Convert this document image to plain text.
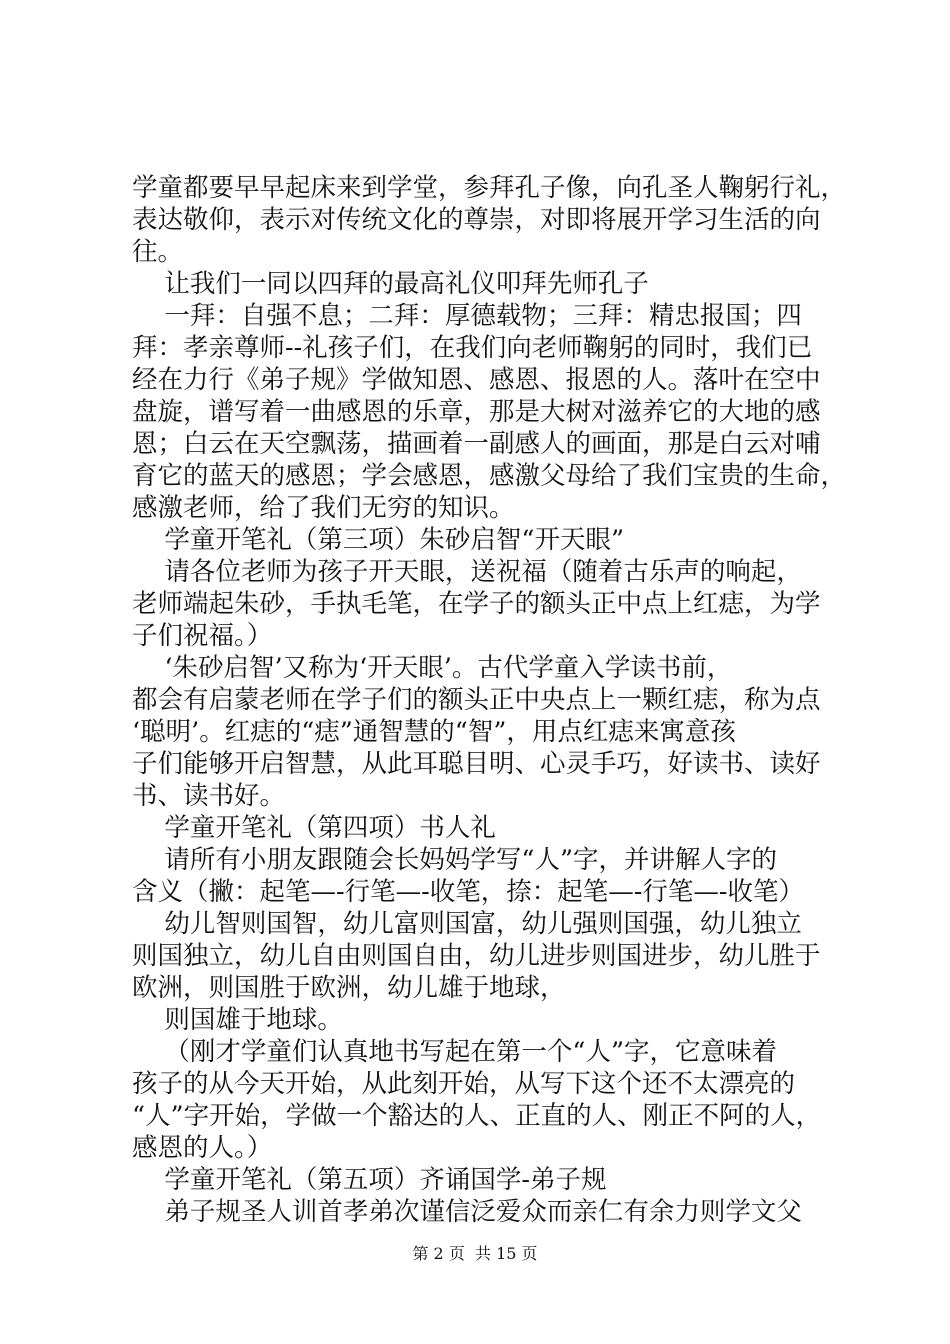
学童都要早早起床来到学堂，参拜孔子像，向孔圣人鞠躬行礼，
表达敬仰，表示对传统文化的尊崇，对即将展开学习生活的向
往。
让我们一同以四拜的最高礼仪叩拜先师孔子
一拜：自强不息；二拜：厚德载物；三拜：精忠报国；四
拜：孝亲尊师--礼孩子们，在我们向老师鞠躬的同时，我们已
经在力行《弟子规》学做知恩、感恩、报恩的人。落叶在空中
盘旋，谱写着一曲感恩的乐章，那是大树对滋养它的大地的感
恩；白云在天空飘荡，描画着一副感人的画面，那是白云对哺
育它的蓝天的感恩；学会感恩，感激父母给了我们宝贵的生命，
感激老师，给了我们无穷的知识。
学童开笔礼（第三项）朱砂启智“开天眼”
请各位老师为孩子开天眼，送祝福（随着古乐声的响起，
老师端起朱砂，手执毛笔，在学子的额头正中点上红痣，为学
子们祝福。）
‘朱砂启智’又称为‘开天眼’。古代学童入学读书前，
都会有启蒙老师在学子们的额头正中央点上一颗红痣，称为点
‘聪明’。红痣的“痣”通智慧的“智”，用点红痣来寓意孩
子们能够开启智慧，从此耳聪目明、心灵手巧，好读书、读好
书、读书好。
学童开笔礼（第四项）书人礼
请所有小朋友跟随会长妈妈学写“人”字，并讲解人字的
含义（撇：起笔—-行笔—-收笔，捺：起笔—-行笔—-收笔）
幼儿智则国智，幼儿富则国富，幼儿强则国强，幼儿独立
则国独立，幼儿自由则国自由，幼儿进步则国进步，幼儿胜于
欧洲，则国胜于欧洲，幼儿雄于地球，
则国雄于地球。
（刚才学童们认真地书写起在第一个“人”字，它意味着
孩子的从今天开始，从此刻开始，从写下这个还不太漂亮的
“人”字开始，学做一个豁达的人、正直的人、刚正不阿的人，
感恩的人。）
学童开笔礼（第五项）齐诵国学-弟子规
弟子规圣人训首孝弟次谨信泛爱众而亲仁有余力则学文父
第 2 页  共 15 页
